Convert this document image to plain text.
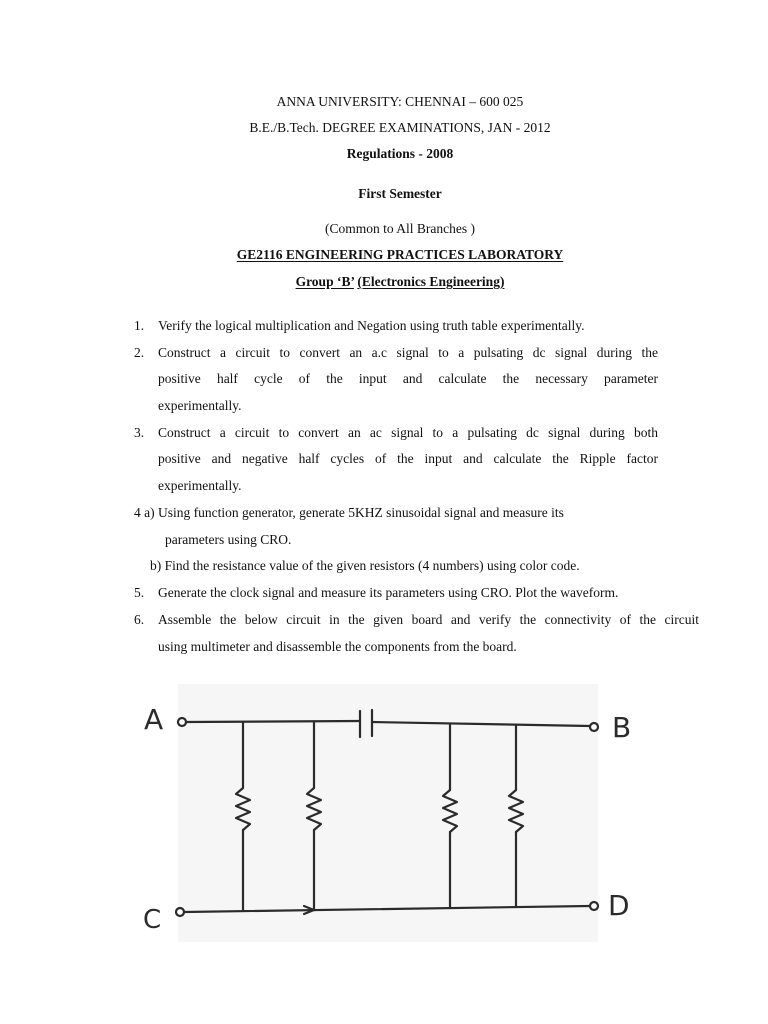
ANNA UNIVERSITY: CHENNAI – 600 025
B.E./B.Tech. DEGREE EXAMINATIONS, JAN - 2012
Regulations - 2008
First Semester
(Common to All Branches )
GE2116 ENGINEERING PRACTICES LABORATORY
Group ‘B’ (Electronics Engineering)
1. Verify the logical multiplication and Negation using truth table experimentally.
2. Construct a circuit to convert an a.c signal to a pulsating dc signal during the
positive half cycle of the input and calculate the necessary parameter
experimentally.
3. Construct a circuit to convert an ac signal to a pulsating dc signal during both
positive and negative half cycles of the input and calculate the Ripple factor
experimentally.
4 a) Using function generator, generate 5KHZ sinusoidal signal and measure its
parameters using CRO.
b) Find the resistance value of the given resistors (4 numbers) using color code.
5. Generate the clock signal and measure its parameters using CRO. Plot the waveform.
6. Assemble the below circuit in the given board and verify the connectivity of the circuit
using multimeter and disassemble the components from the board.
A	B
C	D
